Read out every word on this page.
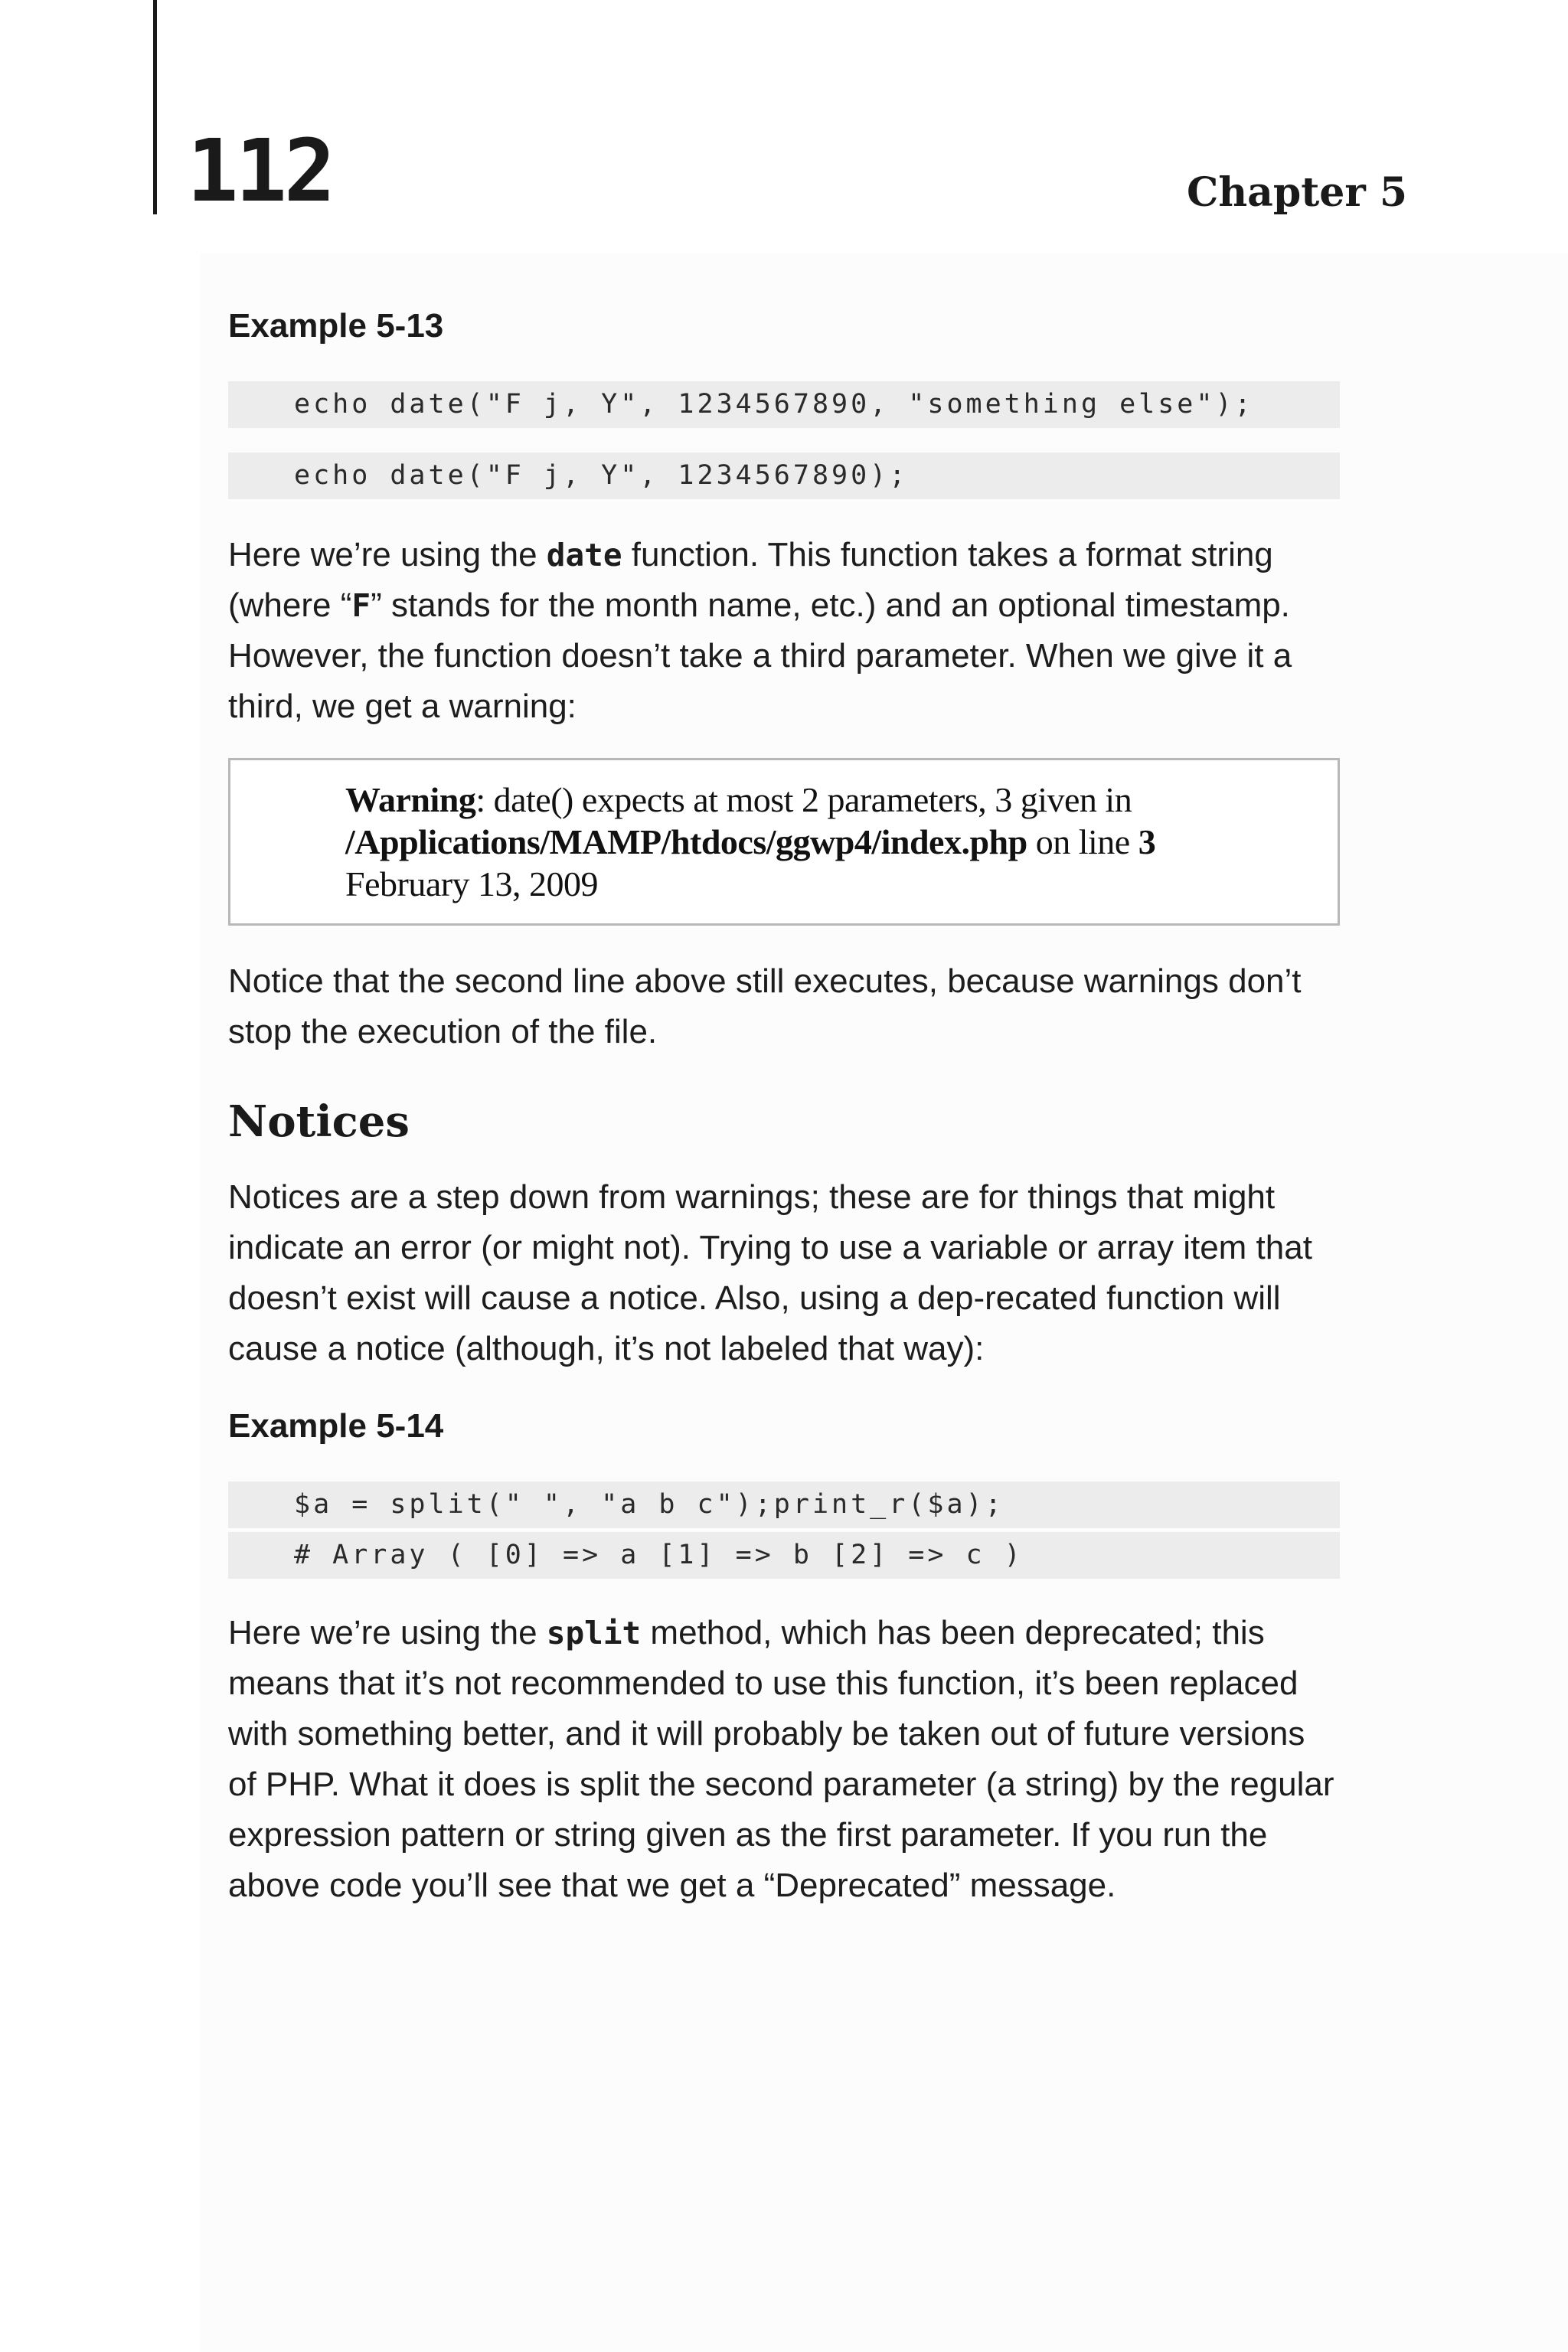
112	Chapter 5
Example 5-13
echo date("F j, Y", 1234567890, "something else");
echo date("F j, Y", 1234567890);

Here we’re using the date function. This function takes a format string (where “F” stands for the month name, etc.) and an optional timestamp. However, the function doesn’t take a third parameter. When we give it a third, we get a warning:

Warning: date() expects at most 2 parameters, 3 given in
/Applications/MAMP/htdocs/ggwp4/index.php on line 3
February 13, 2009

Notice that the second line above still executes, because warnings don’t stop the execution of the file.

Notices

Notices are a step down from warnings; these are for things that might indicate an error (or might not). Trying to use a variable or array item that doesn’t exist will cause a notice. Also, using a dep-recated function will cause a notice (although, it’s not labeled that way):

Example 5-14
$a = split(" ", "a b c");print_r($a);
# Array ( [0] => a [1] => b [2] => c )

Here we’re using the split method, which has been deprecated; this means that it’s not recommended to use this function, it’s been replaced with something better, and it will probably be taken out of future versions of PHP. What it does is split the second parameter (a string) by the regular expression pattern or string given as the first parameter. If you run the above code you’ll see that we get a “Deprecated” message.
